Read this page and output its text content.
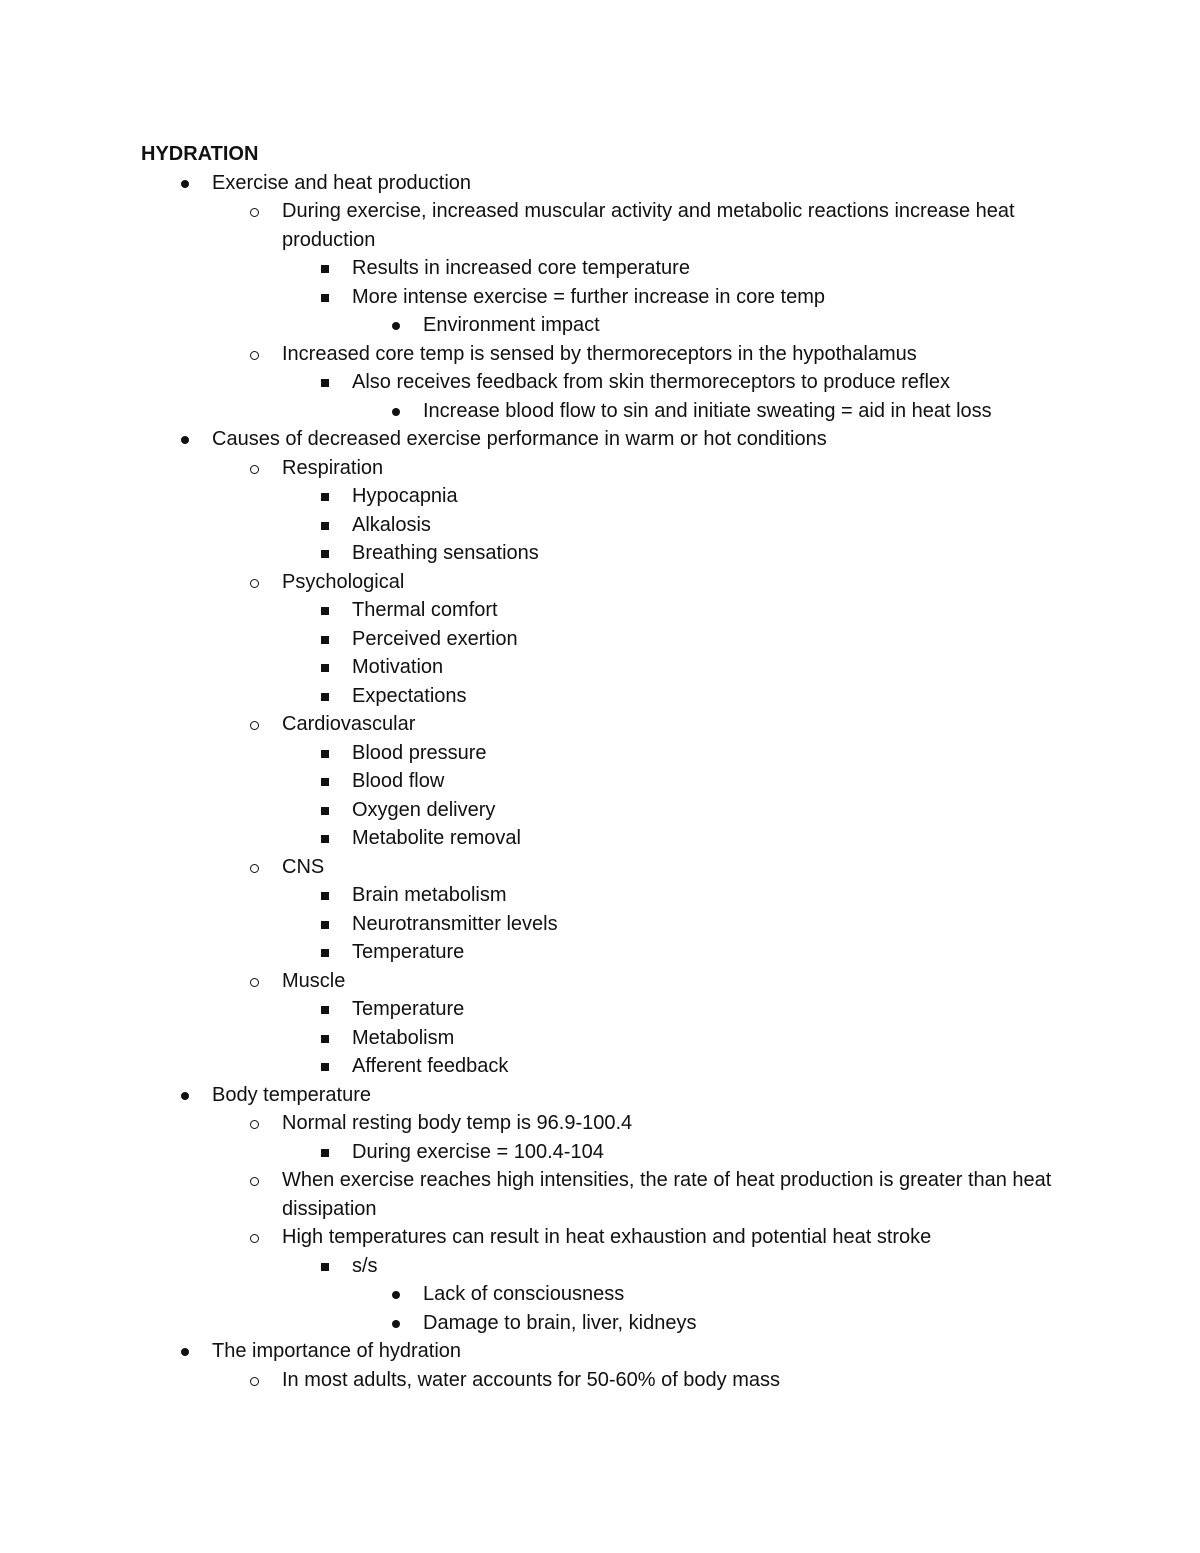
HYDRATION
Exercise and heat production
During exercise, increased muscular activity and metabolic reactions increase heat production
Results in increased core temperature
More intense exercise = further increase in core temp
Environment impact
Increased core temp is sensed by thermoreceptors in the hypothalamus
Also receives feedback from skin thermoreceptors to produce reflex
Increase blood flow to sin and initiate sweating = aid in heat loss
Causes of decreased exercise performance in warm or hot conditions
Respiration
Hypocapnia
Alkalosis
Breathing sensations
Psychological
Thermal comfort
Perceived exertion
Motivation
Expectations
Cardiovascular
Blood pressure
Blood flow
Oxygen delivery
Metabolite removal
CNS
Brain metabolism
Neurotransmitter levels
Temperature
Muscle
Temperature
Metabolism
Afferent feedback
Body temperature
Normal resting body temp is 96.9-100.4
During exercise = 100.4-104
When exercise reaches high intensities, the rate of heat production is greater than heat dissipation
High temperatures can result in heat exhaustion and potential heat stroke
s/s
Lack of consciousness
Damage to brain, liver, kidneys
The importance of hydration
In most adults, water accounts for 50-60% of body mass
